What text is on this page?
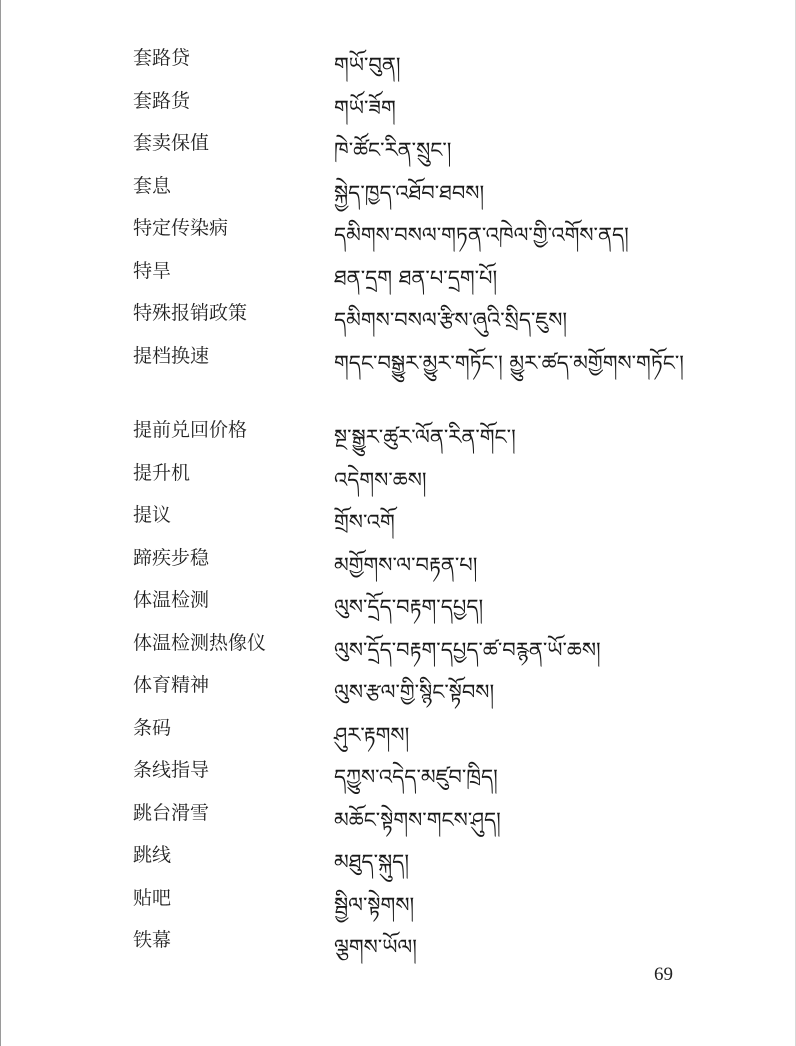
套路贷	གཡོ་བུན།
套路货	གཡོ་ཟོག
套卖保值	ཁེ་ཚོང་རིན་སྲུང་།
套息	སྐྱེད་ཁྱད་འཐོབ་ཐབས།
特定传染病	དམིགས་བསལ་གཏན་འཁེལ་གྱི་འགོས་ནད།
特旱	ཐན་དྲག ཐན་པ་དྲག་པོ།
特殊报销政策	དམིགས་བསལ་རྩིས་ཞུའི་སྲིད་ཇུས།
提档换速	གདང་བསྒྱུར་མྱུར་གཏོང་། མྱུར་ཚད་མགྱོགས་གཏོང་།
提前兑回价格	སྔ་སྒྱུར་ཚུར་ལོན་རིན་གོང་།
提升机	འདེགས་ཆས།
提议	གྲོས་འགོ
蹄疾步稳	མགྱོགས་ལ་བརྟན་པ།
体温检测	ལུས་དྲོད་བརྟག་དཔྱད།
体温检测热像仪	ལུས་དྲོད་བརྟག་དཔྱད་ཚ་བརྙན་ཡོ་ཆས།
体育精神	ལུས་རྩལ་གྱི་སྙིང་སྟོབས།
条码	ཤུར་རྟགས།
条线指导	དཀྱུས་འདེད་མཛུབ་ཁྲིད།
跳台滑雪	མཆོང་སྟེགས་གངས་ཤུད།
跳线	མཐུད་སྐུད།
贴吧	སྦྱིལ་སྟེགས།
铁幕	ལྕགས་ཡོལ།
69
